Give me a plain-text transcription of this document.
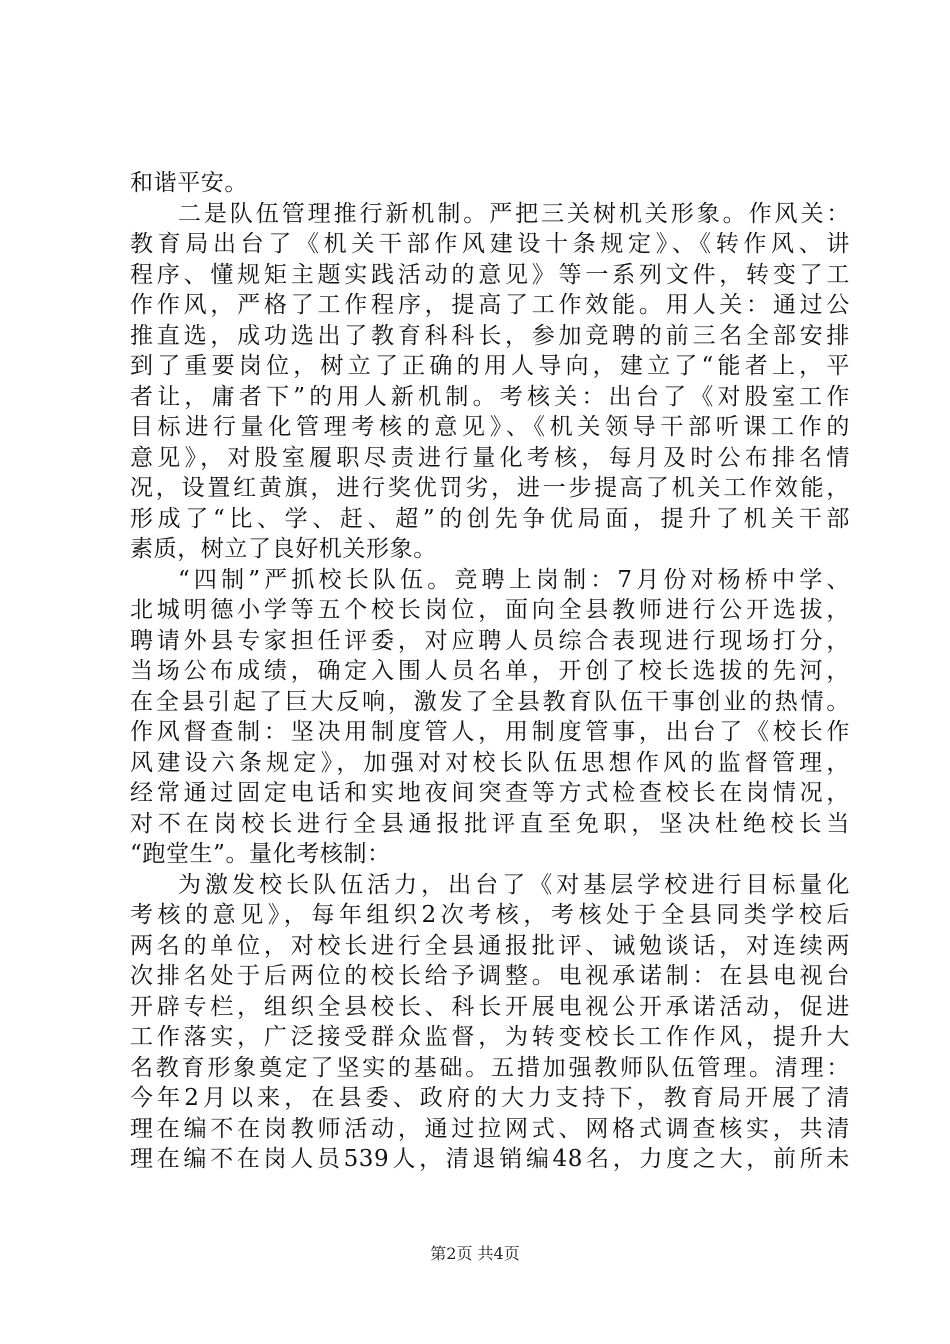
和谐平安。
二是队伍管理推行新机制。严把三关树机关形象。作风关：
教育局出台了《机关干部作风建设十条规定》、《转作风、讲
程序、懂规矩主题实践活动的意见》等一系列文件，转变了工
作作风，严格了工作程序，提高了工作效能。用人关：通过公
推直选，成功选出了教育科科长，参加竞聘的前三名全部安排
到了重要岗位，树立了正确的用人导向，建立了“能者上，平
者让，庸者下”的用人新机制。考核关：出台了《对股室工作
目标进行量化管理考核的意见》、《机关领导干部听课工作的
意见》，对股室履职尽责进行量化考核，每月及时公布排名情
况，设置红黄旗，进行奖优罚劣，进一步提高了机关工作效能，
形成了“比、学、赶、超”的创先争优局面，提升了机关干部
素质，树立了良好机关形象。
“四制”严抓校长队伍。竞聘上岗制：7月份对杨桥中学、
北城明德小学等五个校长岗位，面向全县教师进行公开选拔，
聘请外县专家担任评委，对应聘人员综合表现进行现场打分，
当场公布成绩，确定入围人员名单，开创了校长选拔的先河，
在全县引起了巨大反响，激发了全县教育队伍干事创业的热情。
作风督查制：坚决用制度管人，用制度管事，出台了《校长作
风建设六条规定》，加强对对校长队伍思想作风的监督管理，
经常通过固定电话和实地夜间突查等方式检查校长在岗情况，
对不在岗校长进行全县通报批评直至免职，坚决杜绝校长当
“跑堂生”。量化考核制：
为激发校长队伍活力，出台了《对基层学校进行目标量化
考核的意见》，每年组织2次考核，考核处于全县同类学校后
两名的单位，对校长进行全县通报批评、诫勉谈话，对连续两
次排名处于后两位的校长给予调整。电视承诺制：在县电视台
开辟专栏，组织全县校长、科长开展电视公开承诺活动，促进
工作落实，广泛接受群众监督，为转变校长工作作风，提升大
名教育形象奠定了坚实的基础。五措加强教师队伍管理。清理：
今年2月以来，在县委、政府的大力支持下，教育局开展了清
理在编不在岗教师活动，通过拉网式、网格式调查核实，共清
理在编不在岗人员539人，清退销编48名，力度之大，前所未
第2页 共4页
